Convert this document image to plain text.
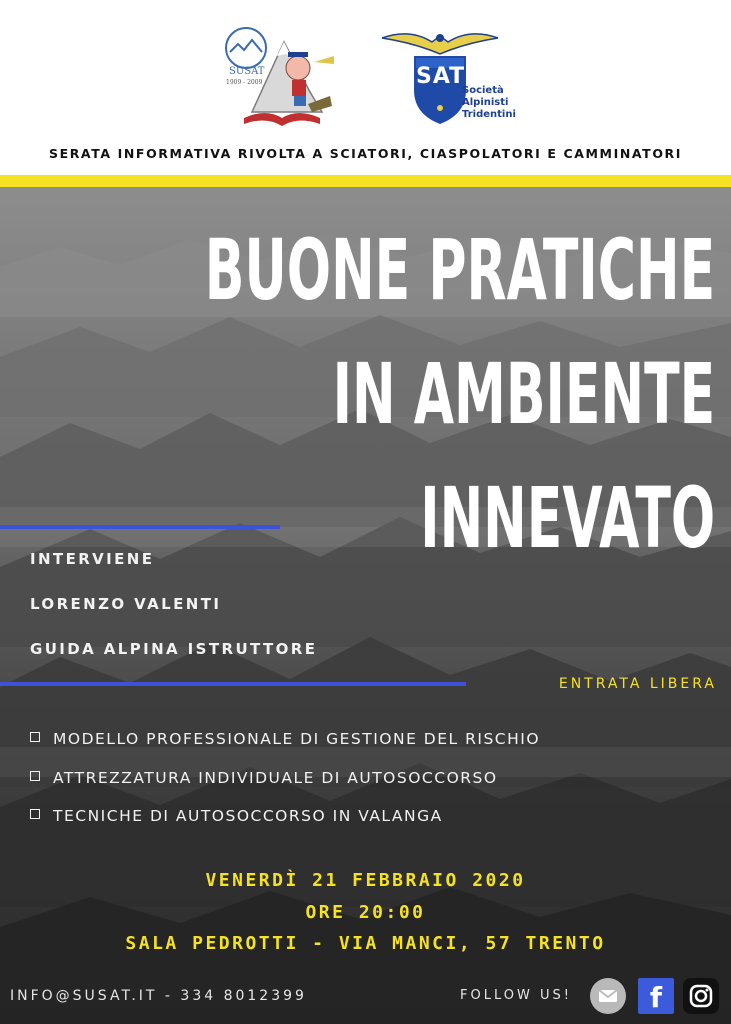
SUSAT
1909 - 2009	SAT
Società
Alpinisti
Tridentini
SERATA INFORMATIVA RIVOLTA A SCIATORI, CIASPOLATORI E CAMMINATORI
BUONE PRATICHE
IN AMBIENTE
INNEVATO
INTERVIENE
LORENZO VALENTI
GUIDA ALPINA ISTRUTTORE
ENTRATA LIBERA
MODELLO PROFESSIONALE DI GESTIONE DEL RISCHIO
ATTREZZATURA INDIVIDUALE DI AUTOSOCCORSO
TECNICHE DI AUTOSOCCORSO IN VALANGA
VENERDÌ 21 FEBBRAIO 2020
ORE 20:00
SALA PEDROTTI - VIA MANCI, 57 TRENTO
INFO@SUSAT.IT - 334 8012399	FOLLOW US!	f
